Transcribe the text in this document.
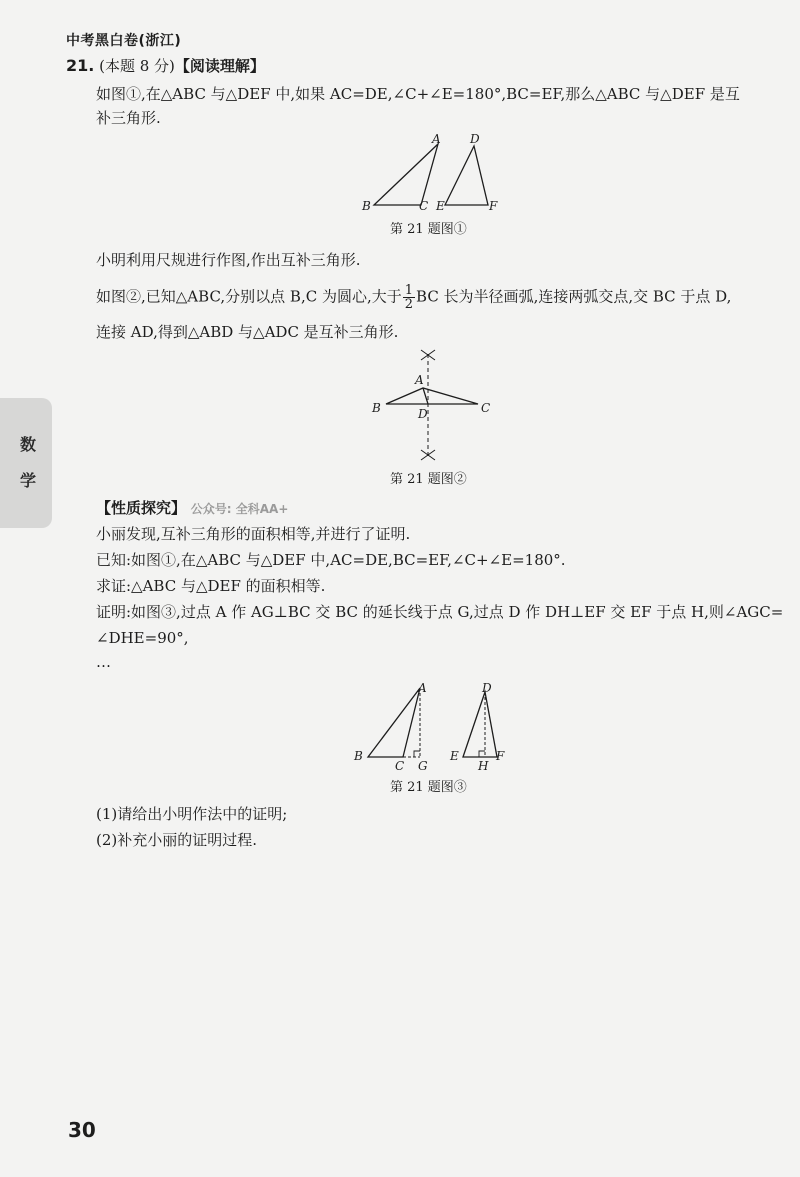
中考黑白卷(浙江)
数
学
21. (本题 8 分)【阅读理解】
如图①,在△ABC 与△DEF 中,如果 AC=DE,∠C+∠E=180°,BC=EF,那么△ABC 与△DEF 是互
补三角形.
A
B	C
D
E	F
第 21 题图①
小明利用尺规进行作图,作出互补三角形.
如图②,已知△ABC,分别以点 B,C 为圆心,大于 $\frac{1}{2}$ BC 长为半径画弧,连接两弧交点,交 BC 于点 D,
连接 AD,得到△ABD 与△ADC 是互补三角形.
A
B	C
D
第 21 题图②
【性质探究】 公众号: 全科AA+
小丽发现,互补三角形的面积相等,并进行了证明.
已知:如图①,在△ABC 与△DEF 中,AC=DE,BC=EF,∠C+∠E=180°.
求证:△ABC 与△DEF 的面积相等.
证明:如图③,过点 A 作 AG⊥BC 交 BC 的延长线于点 G,过点 D 作 DH⊥EF 交 EF 于点 H,则∠AGC=
∠DHE=90°,
…
A
B
C G
D
E	F
H
第 21 题图③
(1)请给出小明作法中的证明;
(2)补充小丽的证明过程.
30
